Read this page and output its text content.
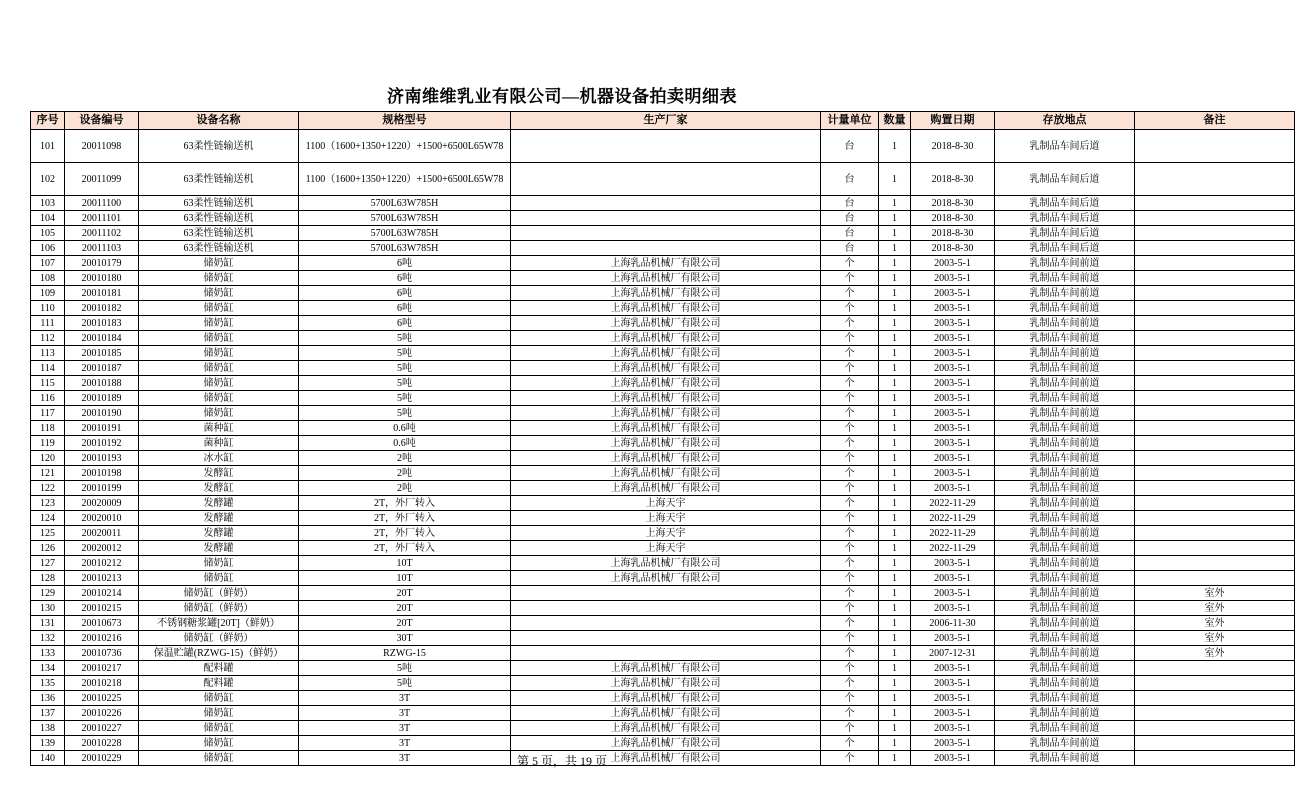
济南维维乳业有限公司—机器设备拍卖明细表
序号	设备编号	设备名称	规格型号	生产厂家	计量单位	数量	购置日期	存放地点	备注
101	20011098	63柔性链输送机	1100（1600+1350+1220）+1500+6500L65W78		台	1	2018-8-30	乳制品车间后道	
102	20011099	63柔性链输送机	1100（1600+1350+1220）+1500+6500L65W78		台	1	2018-8-30	乳制品车间后道	
103	20011100	63柔性链输送机	5700L63W785H		台	1	2018-8-30	乳制品车间后道	
104	20011101	63柔性链输送机	5700L63W785H		台	1	2018-8-30	乳制品车间后道	
105	20011102	63柔性链输送机	5700L63W785H		台	1	2018-8-30	乳制品车间后道	
106	20011103	63柔性链输送机	5700L63W785H		台	1	2018-8-30	乳制品车间后道	
107	20010179	储奶缸	6吨	上海乳品机械厂有限公司	个	1	2003-5-1	乳制品车间前道	
108	20010180	储奶缸	6吨	上海乳品机械厂有限公司	个	1	2003-5-1	乳制品车间前道	
109	20010181	储奶缸	6吨	上海乳品机械厂有限公司	个	1	2003-5-1	乳制品车间前道	
110	20010182	储奶缸	6吨	上海乳品机械厂有限公司	个	1	2003-5-1	乳制品车间前道	
111	20010183	储奶缸	6吨	上海乳品机械厂有限公司	个	1	2003-5-1	乳制品车间前道	
112	20010184	储奶缸	5吨	上海乳品机械厂有限公司	个	1	2003-5-1	乳制品车间前道	
113	20010185	储奶缸	5吨	上海乳品机械厂有限公司	个	1	2003-5-1	乳制品车间前道	
114	20010187	储奶缸	5吨	上海乳品机械厂有限公司	个	1	2003-5-1	乳制品车间前道	
115	20010188	储奶缸	5吨	上海乳品机械厂有限公司	个	1	2003-5-1	乳制品车间前道	
116	20010189	储奶缸	5吨	上海乳品机械厂有限公司	个	1	2003-5-1	乳制品车间前道	
117	20010190	储奶缸	5吨	上海乳品机械厂有限公司	个	1	2003-5-1	乳制品车间前道	
118	20010191	菌种缸	0.6吨	上海乳品机械厂有限公司	个	1	2003-5-1	乳制品车间前道	
119	20010192	菌种缸	0.6吨	上海乳品机械厂有限公司	个	1	2003-5-1	乳制品车间前道	
120	20010193	冰水缸	2吨	上海乳品机械厂有限公司	个	1	2003-5-1	乳制品车间前道	
121	20010198	发酵缸	2吨	上海乳品机械厂有限公司	个	1	2003-5-1	乳制品车间前道	
122	20010199	发酵缸	2吨	上海乳品机械厂有限公司	个	1	2003-5-1	乳制品车间前道	
123	20020009	发酵罐	2T，外厂转入	上海天宇	个	1	2022-11-29	乳制品车间前道	
124	20020010	发酵罐	2T，外厂转入	上海天宇	个	1	2022-11-29	乳制品车间前道	
125	20020011	发酵罐	2T，外厂转入	上海天宇	个	1	2022-11-29	乳制品车间前道	
126	20020012	发酵罐	2T，外厂转入	上海天宇	个	1	2022-11-29	乳制品车间前道	
127	20010212	储奶缸	10T	上海乳品机械厂有限公司	个	1	2003-5-1	乳制品车间前道	
128	20010213	储奶缸	10T	上海乳品机械厂有限公司	个	1	2003-5-1	乳制品车间前道	
129	20010214	储奶缸（鲜奶）	20T		个	1	2003-5-1	乳制品车间前道	室外
130	20010215	储奶缸（鲜奶）	20T		个	1	2003-5-1	乳制品车间前道	室外
131	20010673	不锈钢糖浆罐[20T]（鲜奶）	20T		个	1	2006-11-30	乳制品车间前道	室外
132	20010216	储奶缸（鲜奶）	30T		个	1	2003-5-1	乳制品车间前道	室外
133	20010736	保温贮罐(RZWG-15)（鲜奶）	RZWG-15		个	1	2007-12-31	乳制品车间前道	室外
134	20010217	配料罐	5吨	上海乳品机械厂有限公司	个	1	2003-5-1	乳制品车间前道	
135	20010218	配料罐	5吨	上海乳品机械厂有限公司	个	1	2003-5-1	乳制品车间前道	
136	20010225	储奶缸	3T	上海乳品机械厂有限公司	个	1	2003-5-1	乳制品车间前道	
137	20010226	储奶缸	3T	上海乳品机械厂有限公司	个	1	2003-5-1	乳制品车间前道	
138	20010227	储奶缸	3T	上海乳品机械厂有限公司	个	1	2003-5-1	乳制品车间前道	
139	20010228	储奶缸	3T	上海乳品机械厂有限公司	个	1	2003-5-1	乳制品车间前道	
140	20010229	储奶缸	3T	上海乳品机械厂有限公司	个	1	2003-5-1	乳制品车间前道	
第 5 页，共 19 页
